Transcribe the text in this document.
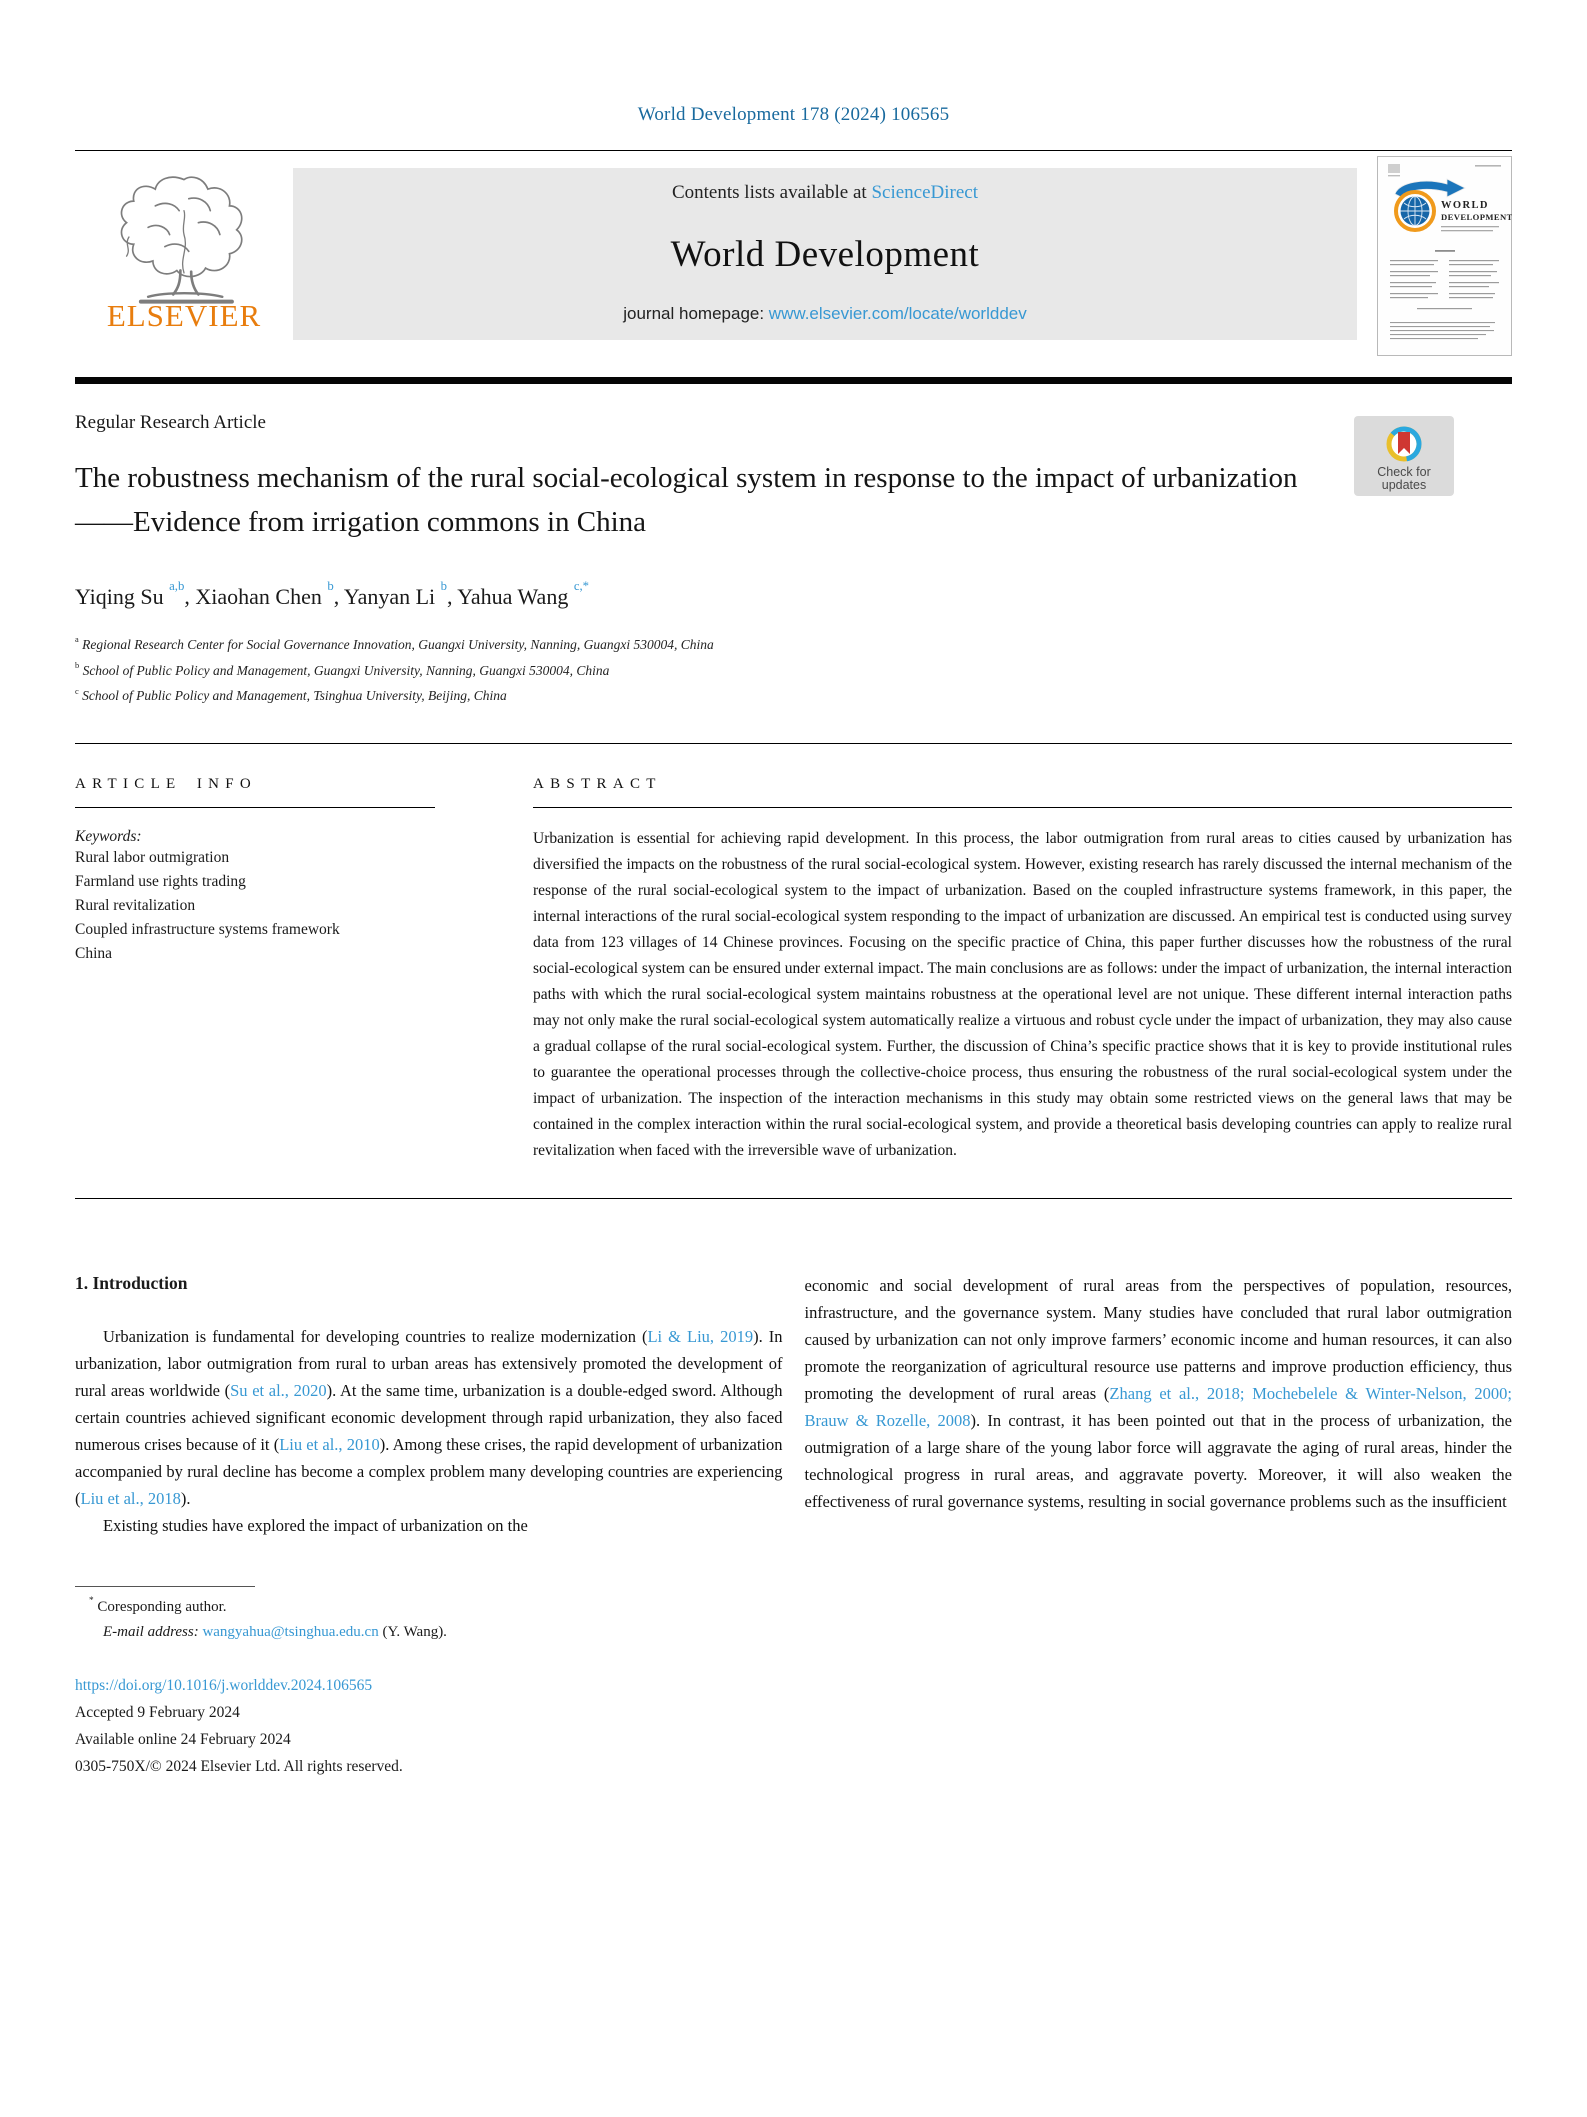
World Development 178 (2024) 106565
ELSEVIER
Contents lists available at ScienceDirect
World Development
journal homepage: www.elsevier.com/locate/worlddev
WORLD
DEVELOPMENT
Regular Research Article
Check for
updates
The robustness mechanism of the rural social-ecological system in response to the impact of urbanization——Evidence from irrigation commons in China
Yiqing Su $^{a,b}$, Xiaohan Chen $^b$, Yanyan Li $^b$, Yahua Wang $^{c,*}$
$^a$ Regional Research Center for Social Governance Innovation, Guangxi University, Nanning, Guangxi 530004, China
$^b$ School of Public Policy and Management, Guangxi University, Nanning, Guangxi 530004, China
$^c$ School of Public Policy and Management, Tsinghua University, Beijing, China
ARTICLE INFO
Keywords:
Rural labor outmigration
Farmland use rights trading
Rural revitalization
Coupled infrastructure systems framework
China
ABSTRACT
Urbanization is essential for achieving rapid development. In this process, the labor outmigration from rural areas to cities caused by urbanization has diversified the impacts on the robustness of the rural social-ecological system. However, existing research has rarely discussed the internal mechanism of the response of the rural social-ecological system to the impact of urbanization. Based on the coupled infrastructure systems framework, in this paper, the internal interactions of the rural social-ecological system responding to the impact of urbanization are discussed. An empirical test is conducted using survey data from 123 villages of 14 Chinese provinces. Focusing on the specific practice of China, this paper further discusses how the robustness of the rural social-ecological system can be ensured under external impact. The main conclusions are as follows: under the impact of urbanization, the internal interaction paths with which the rural social-ecological system maintains robustness at the operational level are not unique. These different internal interaction paths may not only make the rural social-ecological system automatically realize a virtuous and robust cycle under the impact of urbanization, they may also cause a gradual collapse of the rural social-ecological system. Further, the discussion of China’s specific practice shows that it is key to provide institutional rules to guarantee the operational processes through the collective-choice process, thus ensuring the robustness of the rural social-ecological system under the impact of urbanization. The inspection of the interaction mechanisms in this study may obtain some restricted views on the general laws that may be contained in the complex interaction within the rural social-ecological system, and provide a theoretical basis developing countries can apply to realize rural revitalization when faced with the irreversible wave of urbanization.
1. Introduction

Urbanization is fundamental for developing countries to realize modernization (Li & Liu, 2019). In urbanization, labor outmigration from rural to urban areas has extensively promoted the development of rural areas worldwide (Su et al., 2020). At the same time, urbanization is a double-edged sword. Although certain countries achieved significant economic development through rapid urbanization, they also faced numerous crises because of it (Liu et al., 2010). Among these crises, the rapid development of urbanization accompanied by rural decline has become a complex problem many developing countries are experiencing (Liu et al., 2018).

Existing studies have explored the impact of urbanization on the

* Coresponding author.
E-mail address: wangyahua@tsinghua.edu.cn (Y. Wang).
https://doi.org/10.1016/j.worlddev.2024.106565
Accepted 9 February 2024
Available online 24 February 2024
0305-750X/© 2024 Elsevier Ltd. All rights reserved.

economic and social development of rural areas from the perspectives of population, resources, infrastructure, and the governance system. Many studies have concluded that rural labor outmigration caused by urbanization can not only improve farmers’ economic income and human resources, it can also promote the reorganization of agricultural resource use patterns and improve production efficiency, thus promoting the development of rural areas (Zhang et al., 2018; Mochebelele & Winter-Nelson, 2000; Brauw & Rozelle, 2008). In contrast, it has been pointed out that in the process of urbanization, the outmigration of a large share of the young labor force will aggravate the aging of rural areas, hinder the technological progress in rural areas, and aggravate poverty. Moreover, it will also weaken the effectiveness of rural governance systems, resulting in social governance problems such as the insufficient
